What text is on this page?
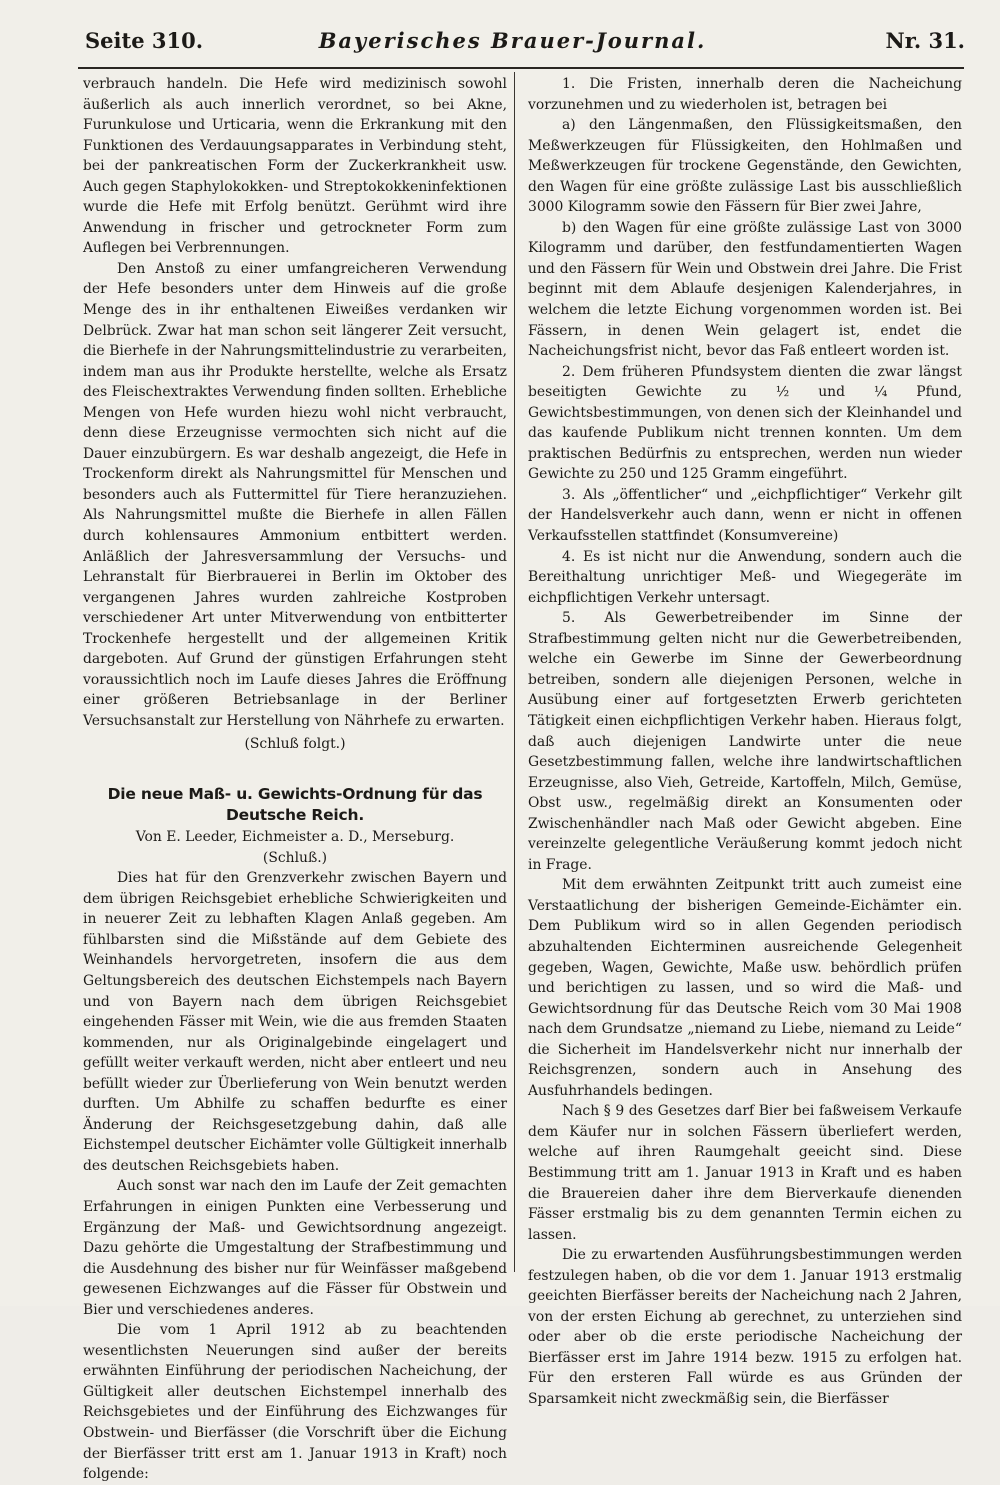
Seite 310.	Bayerisches Brauer-Journal.	Nr. 31.

verbrauch handeln. Die Hefe wird medizinisch sowohl äußerlich als auch innerlich verordnet, so bei Akne, Furunkulose und Urticaria, wenn die Erkrankung mit den Funktionen des Verdauungsapparates in Verbindung steht, bei der pankreatischen Form der Zuckerkrankheit usw. Auch gegen Staphylokokken- und Streptokokkeninfektionen wurde die Hefe mit Erfolg benützt. Gerühmt wird ihre Anwendung in frischer und getrockneter Form zum Auflegen bei Verbrennungen.

Den Anstoß zu einer umfangreicheren Verwendung der Hefe besonders unter dem Hinweis auf die große Menge des in ihr enthaltenen Eiweißes verdanken wir Delbrück. Zwar hat man schon seit längerer Zeit versucht, die Bierhefe in der Nahrungsmittelindustrie zu verarbeiten, indem man aus ihr Produkte herstellte, welche als Ersatz des Fleischextraktes Verwendung finden sollten. Erhebliche Mengen von Hefe wurden hiezu wohl nicht verbraucht, denn diese Erzeugnisse vermochten sich nicht auf die Dauer einzubürgern. Es war deshalb angezeigt, die Hefe in Trockenform direkt als Nahrungsmittel für Menschen und besonders auch als Futtermittel für Tiere heranzuziehen. Als Nahrungsmittel mußte die Bierhefe in allen Fällen durch kohlensaures Ammonium entbittert werden. Anläßlich der Jahresversammlung der Versuchs- und Lehranstalt für Bierbrauerei in Berlin im Oktober des vergangenen Jahres wurden zahlreiche Kostproben verschiedener Art unter Mitverwendung von entbitterter Trockenhefe hergestellt und der allgemeinen Kritik dargeboten. Auf Grund der günstigen Erfahrungen steht voraussichtlich noch im Laufe dieses Jahres die Eröffnung einer größeren Betriebsanlage in der Berliner Versuchsanstalt zur Herstellung von Nährhefe zu erwarten.

(Schluß folgt.)

Die neue Maß- u. Gewichts-Ordnung für das Deutsche Reich.

Von E. Leeder, Eichmeister a. D., Merseburg.

(Schluß.)

Dies hat für den Grenzverkehr zwischen Bayern und dem übrigen Reichsgebiet erhebliche Schwierigkeiten und in neuerer Zeit zu lebhaften Klagen Anlaß gegeben. Am fühlbarsten sind die Mißstände auf dem Gebiete des Weinhandels hervorgetreten, insofern die aus dem Geltungsbereich des deutschen Eichstempels nach Bayern und von Bayern nach dem übrigen Reichsgebiet eingehenden Fässer mit Wein, wie die aus fremden Staaten kommenden, nur als Originalgebinde eingelagert und gefüllt weiter verkauft werden, nicht aber entleert und neu befüllt wieder zur Überlieferung von Wein benutzt werden durften. Um Abhilfe zu schaffen bedurfte es einer Änderung der Reichsgesetzgebung dahin, daß alle Eichstempel deutscher Eichämter volle Gültigkeit innerhalb des deutschen Reichsgebiets haben.

Auch sonst war nach den im Laufe der Zeit gemachten Erfahrungen in einigen Punkten eine Verbesserung und Ergänzung der Maß- und Gewichtsordnung angezeigt. Dazu gehörte die Umgestaltung der Strafbestimmung und die Ausdehnung des bisher nur für Weinfässer maßgebend gewesenen Eichzwanges auf die Fässer für Obstwein und Bier und verschiedenes anderes.

Die vom 1 April 1912 ab zu beachtenden wesentlichsten Neuerungen sind außer der bereits erwähnten Einführung der periodischen Nacheichung, der Gültigkeit aller deutschen Eichstempel innerhalb des Reichsgebietes und der Einführung des Eichzwanges für Obstwein- und Bierfässer (die Vorschrift über die Eichung der Bierfässer tritt erst am 1. Januar 1913 in Kraft) noch folgende:

1. Die Fristen, innerhalb deren die Nacheichung vorzunehmen und zu wiederholen ist, betragen bei

a) den Längenmaßen, den Flüssigkeitsmaßen, den Meßwerkzeugen für Flüssigkeiten, den Hohlmaßen und Meßwerkzeugen für trockene Gegenstände, den Gewichten, den Wagen für eine größte zulässige Last bis ausschließlich 3000 Kilogramm sowie den Fässern für Bier zwei Jahre,

b) den Wagen für eine größte zulässige Last von 3000 Kilogramm und darüber, den festfundamentierten Wagen und den Fässern für Wein und Obstwein drei Jahre. Die Frist beginnt mit dem Ablaufe desjenigen Kalenderjahres, in welchem die letzte Eichung vorgenommen worden ist. Bei Fässern, in denen Wein gelagert ist, endet die Nacheichungsfrist nicht, bevor das Faß entleert worden ist.

2. Dem früheren Pfundsystem dienten die zwar längst beseitigten Gewichte zu ½ und ¼ Pfund, Gewichtsbestimmungen, von denen sich der Kleinhandel und das kaufende Publikum nicht trennen konnten. Um dem praktischen Bedürfnis zu entsprechen, werden nun wieder Gewichte zu 250 und 125 Gramm eingeführt.

3. Als „öffentlicher“ und „eichpflichtiger“ Verkehr gilt der Handelsverkehr auch dann, wenn er nicht in offenen Verkaufsstellen stattfindet (Konsumvereine)

4. Es ist nicht nur die Anwendung, sondern auch die Bereithaltung unrichtiger Meß- und Wiegegeräte im eichpflichtigen Verkehr untersagt.

5. Als Gewerbetreibender im Sinne der Strafbestimmung gelten nicht nur die Gewerbetreibenden, welche ein Gewerbe im Sinne der Gewerbeordnung betreiben, sondern alle diejenigen Personen, welche in Ausübung einer auf fortgesetzten Erwerb gerichteten Tätigkeit einen eichpflichtigen Verkehr haben. Hieraus folgt, daß auch diejenigen Landwirte unter die neue Gesetzbestimmung fallen, welche ihre landwirtschaftlichen Erzeugnisse, also Vieh, Getreide, Kartoffeln, Milch, Gemüse, Obst usw., regelmäßig direkt an Konsumenten oder Zwischenhändler nach Maß oder Gewicht abgeben. Eine vereinzelte gelegentliche Veräußerung kommt jedoch nicht in Frage.

Mit dem erwähnten Zeitpunkt tritt auch zumeist eine Verstaatlichung der bisherigen Gemeinde-Eichämter ein. Dem Publikum wird so in allen Gegenden periodisch abzuhaltenden Eichterminen ausreichende Gelegenheit gegeben, Wagen, Gewichte, Maße usw. behördlich prüfen und berichtigen zu lassen, und so wird die Maß- und Gewichtsordnung für das Deutsche Reich vom 30 Mai 1908 nach dem Grundsatze „niemand zu Liebe, niemand zu Leide“ die Sicherheit im Handelsverkehr nicht nur innerhalb der Reichsgrenzen, sondern auch in Ansehung des Ausfuhrhandels bedingen.

Nach § 9 des Gesetzes darf Bier bei faßweisem Verkaufe dem Käufer nur in solchen Fässern überliefert werden, welche auf ihren Raumgehalt geeicht sind. Diese Bestimmung tritt am 1. Januar 1913 in Kraft und es haben die Brauereien daher ihre dem Bierverkaufe dienenden Fässer erstmalig bis zu dem genannten Termin eichen zu lassen.

Die zu erwartenden Ausführungsbestimmungen werden festzulegen haben, ob die vor dem 1. Januar 1913 erstmalig geeichten Bierfässer bereits der Nacheichung nach 2 Jahren, von der ersten Eichung ab gerechnet, zu unterziehen sind oder aber ob die erste periodische Nacheichung der Bierfässer erst im Jahre 1914 bezw. 1915 zu erfolgen hat. Für den ersteren Fall würde es aus Gründen der Sparsamkeit nicht zweckmäßig sein, die Bierfässer
